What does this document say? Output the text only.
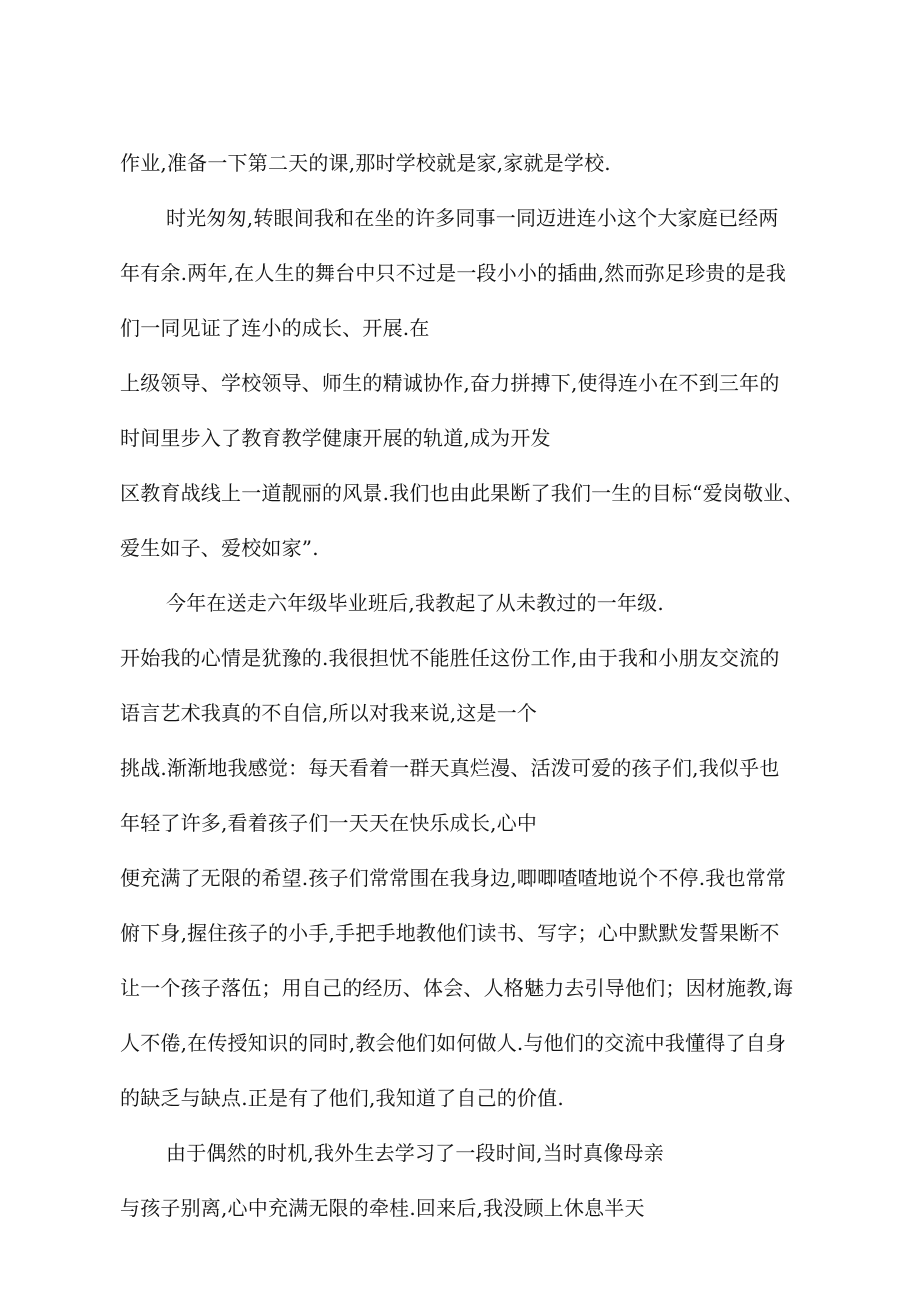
作业,准备一下第二天的课,那时学校就是家,家就是学校.
时光匆匆,转眼间我和在坐的许多同事一同迈进连小这个大家庭已经两
年有余.两年,在人生的舞台中只不过是一段小小的插曲,然而弥足珍贵的是我
们一同见证了连小的成长、开展.在
上级领导、学校领导、师生的精诚协作,奋力拼搏下,使得连小在不到三年的
时间里步入了教育教学健康开展的轨道,成为开发
区教育战线上一道靓丽的风景.我们也由此果断了我们一生的目标“爱岗敬业、
爱生如子、爱校如家”.
今年在送走六年级毕业班后,我教起了从未教过的一年级.
开始我的心情是犹豫的.我很担忧不能胜任这份工作,由于我和小朋友交流的
语言艺术我真的不自信,所以对我来说,这是一个
挑战.渐渐地我感觉：每天看着一群天真烂漫、活泼可爱的孩子们,我似乎也
年轻了许多,看着孩子们一天天在快乐成长,心中
便充满了无限的希望.孩子们常常围在我身边,唧唧喳喳地说个不停.我也常常
俯下身,握住孩子的小手,手把手地教他们读书、写字；心中默默发誓果断不
让一个孩子落伍；用自己的经历、体会、人格魅力去引导他们；因材施教,诲
人不倦,在传授知识的同时,教会他们如何做人.与他们的交流中我懂得了自身
的缺乏与缺点.正是有了他们,我知道了自己的价值.
由于偶然的时机,我外生去学习了一段时间,当时真像母亲
与孩子别离,心中充满无限的牵桂.回来后,我没顾上休息半天
